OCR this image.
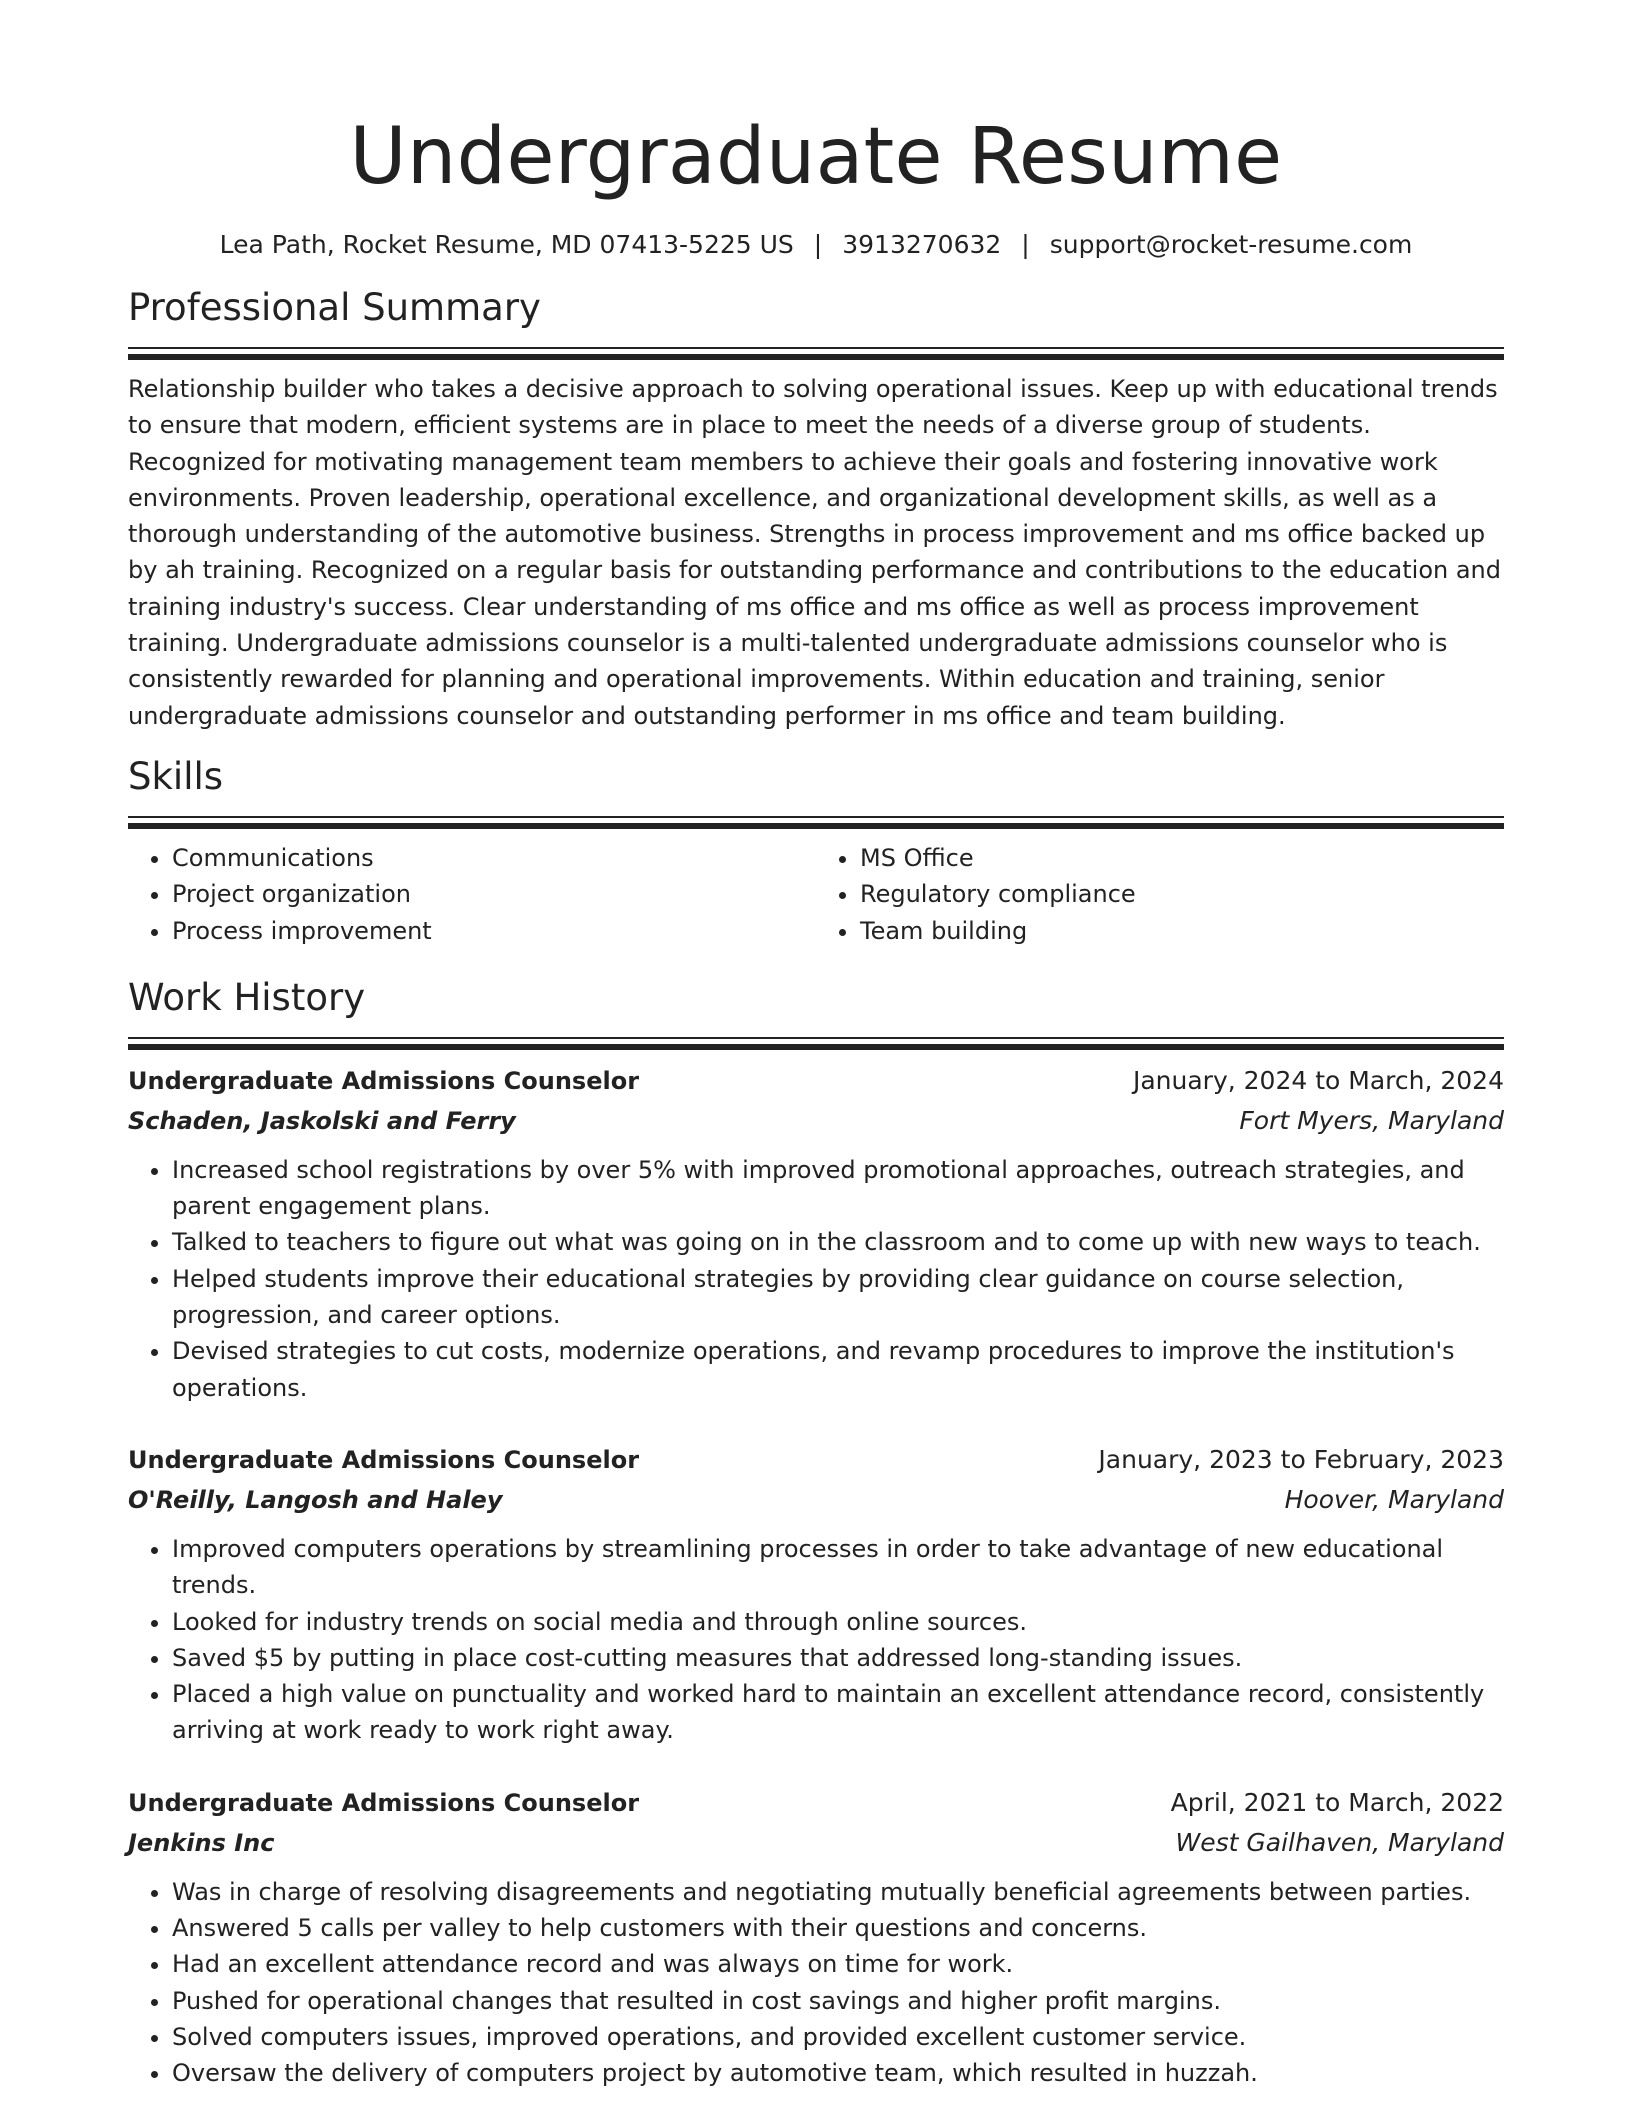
Undergraduate Resume
Lea Path, Rocket Resume, MD 07413-5225 US | 3913270632 | support@rocket-resume.com
Professional Summary

Relationship builder who takes a decisive approach to solving operational issues. Keep up with educational trends to ensure that modern, efficient systems are in place to meet the needs of a diverse group of students. Recognized for motivating management team members to achieve their goals and fostering innovative work environments. Proven leadership, operational excellence, and organizational development skills, as well as a thorough understanding of the automotive business. Strengths in process improvement and ms office backed up by ah training. Recognized on a regular basis for outstanding performance and contributions to the education and training industry's success. Clear understanding of ms office and ms office as well as process improvement training. Undergraduate admissions counselor is a multi-talented undergraduate admissions counselor who is consistently rewarded for planning and operational improvements. Within education and training, senior undergraduate admissions counselor and outstanding performer in ms office and team building.

Skills
• Communications
• Project organization
• Process improvement
• MS Office
• Regulatory compliance
• Team building
Work History
Undergraduate Admissions Counselor	January, 2024 to March, 2024
Schaden, Jaskolski and Ferry	Fort Myers, Maryland
• Increased school registrations by over 5% with improved promotional approaches, outreach strategies, and parent engagement plans.
• Talked to teachers to figure out what was going on in the classroom and to come up with new ways to teach.
• Helped students improve their educational strategies by providing clear guidance on course selection, progression, and career options.
• Devised strategies to cut costs, modernize operations, and revamp procedures to improve the institution's operations.
Undergraduate Admissions Counselor	January, 2023 to February, 2023
O'Reilly, Langosh and Haley	Hoover, Maryland
• Improved computers operations by streamlining processes in order to take advantage of new educational trends.
• Looked for industry trends on social media and through online sources.
• Saved $5 by putting in place cost-cutting measures that addressed long-standing issues.
• Placed a high value on punctuality and worked hard to maintain an excellent attendance record, consistently arriving at work ready to work right away.
Undergraduate Admissions Counselor	April, 2021 to March, 2022
Jenkins Inc	West Gailhaven, Maryland
• Was in charge of resolving disagreements and negotiating mutually beneficial agreements between parties.
• Answered 5 calls per valley to help customers with their questions and concerns.
• Had an excellent attendance record and was always on time for work.
• Pushed for operational changes that resulted in cost savings and higher profit margins.
• Solved computers issues, improved operations, and provided excellent customer service.
• Oversaw the delivery of computers project by automotive team, which resulted in huzzah.
